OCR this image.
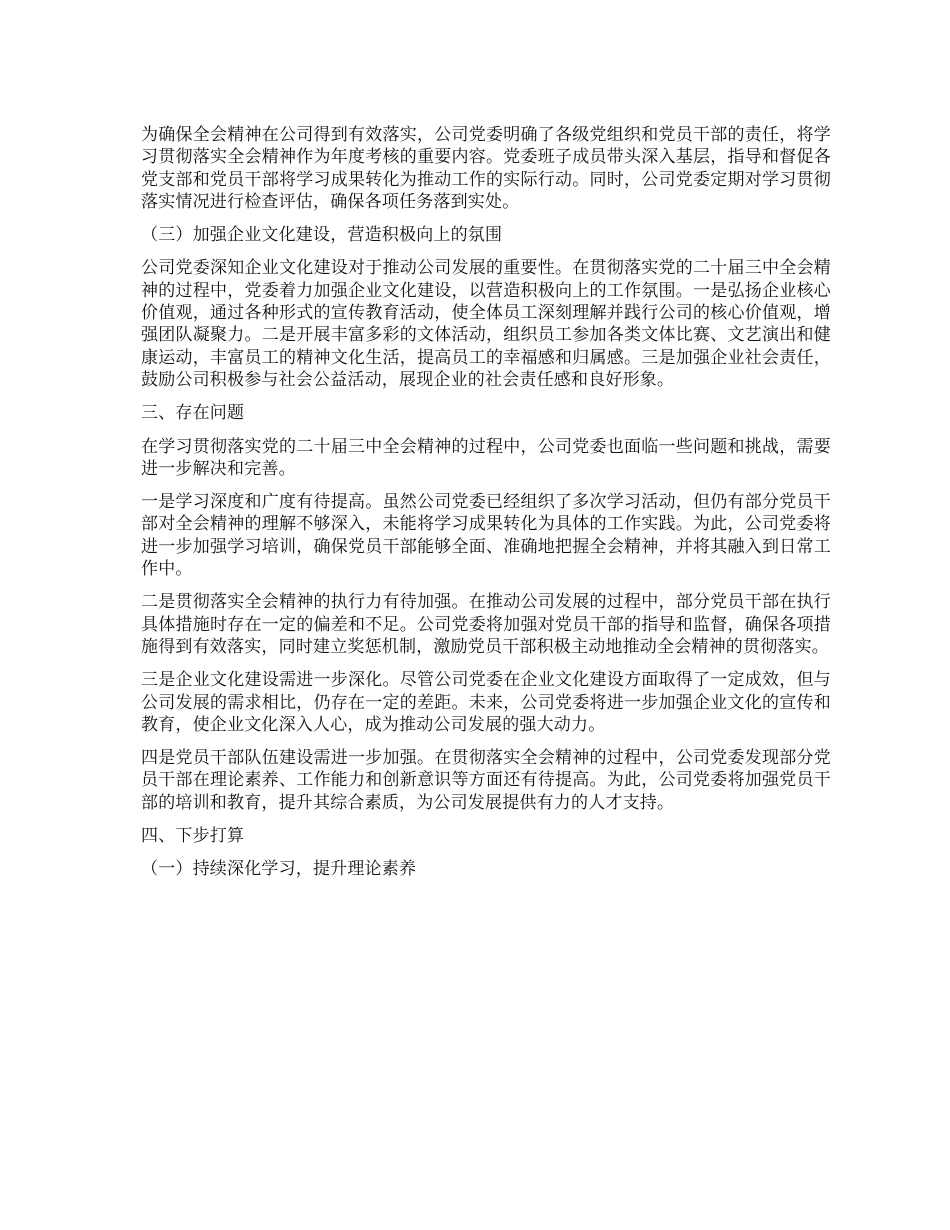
为确保全会精神在公司得到有效落实，公司党委明确了各级党组织和党员干部的责任，将学习贯彻落实全会精神作为年度考核的重要内容。党委班子成员带头深入基层，指导和督促各党支部和党员干部将学习成果转化为推动工作的实际行动。同时，公司党委定期对学习贯彻落实情况进行检查评估，确保各项任务落到实处。

（三）加强企业文化建设，营造积极向上的氛围

公司党委深知企业文化建设对于推动公司发展的重要性。在贯彻落实党的二十届三中全会精神的过程中，党委着力加强企业文化建设，以营造积极向上的工作氛围。一是弘扬企业核心价值观，通过各种形式的宣传教育活动，使全体员工深刻理解并践行公司的核心价值观，增强团队凝聚力。二是开展丰富多彩的文体活动，组织员工参加各类文体比赛、文艺演出和健康运动，丰富员工的精神文化生活，提高员工的幸福感和归属感。三是加强企业社会责任，鼓励公司积极参与社会公益活动，展现企业的社会责任感和良好形象。

三、存在问题

在学习贯彻落实党的二十届三中全会精神的过程中，公司党委也面临一些问题和挑战，需要进一步解决和完善。

一是学习深度和广度有待提高。虽然公司党委已经组织了多次学习活动，但仍有部分党员干部对全会精神的理解不够深入，未能将学习成果转化为具体的工作实践。为此，公司党委将进一步加强学习培训，确保党员干部能够全面、准确地把握全会精神，并将其融入到日常工作中。

二是贯彻落实全会精神的执行力有待加强。在推动公司发展的过程中，部分党员干部在执行具体措施时存在一定的偏差和不足。公司党委将加强对党员干部的指导和监督，确保各项措施得到有效落实，同时建立奖惩机制，激励党员干部积极主动地推动全会精神的贯彻落实。

三是企业文化建设需进一步深化。尽管公司党委在企业文化建设方面取得了一定成效，但与公司发展的需求相比，仍存在一定的差距。未来，公司党委将进一步加强企业文化的宣传和教育，使企业文化深入人心，成为推动公司发展的强大动力。

四是党员干部队伍建设需进一步加强。在贯彻落实全会精神的过程中，公司党委发现部分党员干部在理论素养、工作能力和创新意识等方面还有待提高。为此，公司党委将加强党员干部的培训和教育，提升其综合素质，为公司发展提供有力的人才支持。

四、下步打算

（一）持续深化学习，提升理论素养
